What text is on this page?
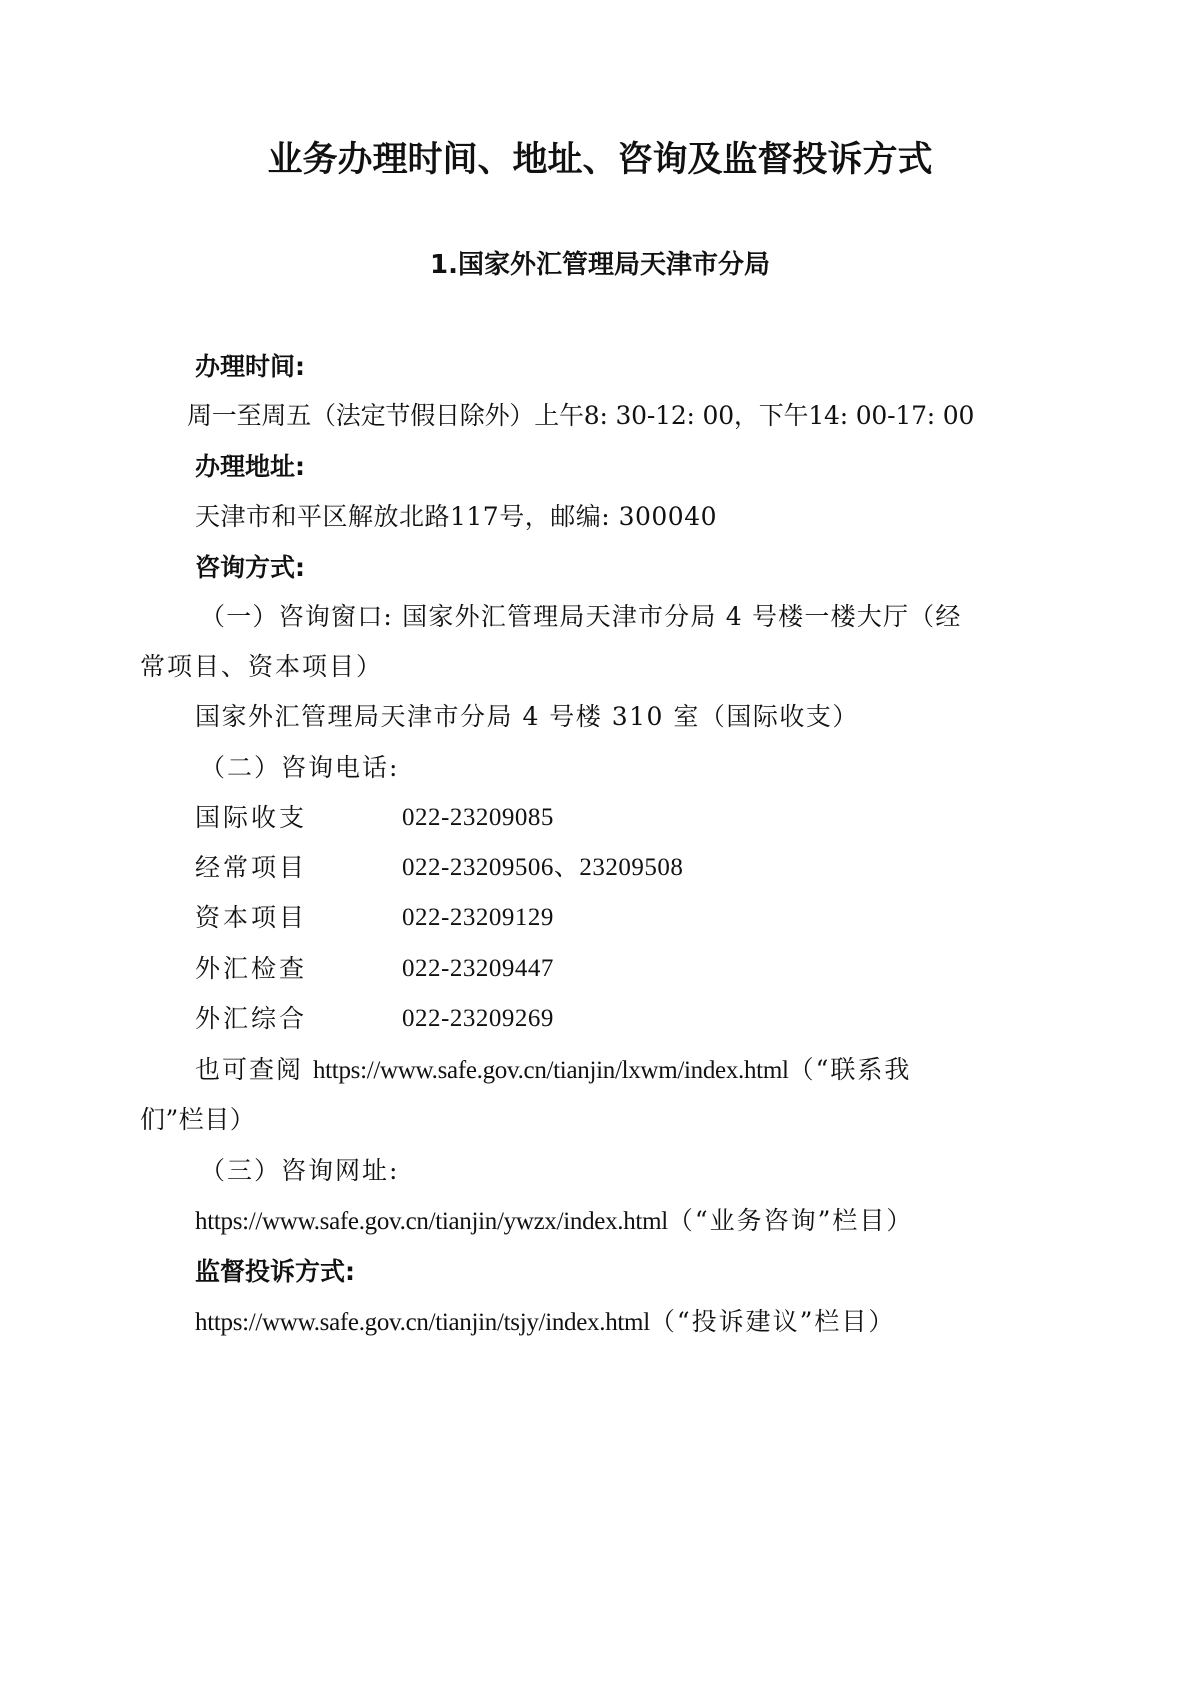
业务办理时间、地址、咨询及监督投诉方式
1.国家外汇管理局天津市分局
办理时间:
周一至周五（法定节假日除外）上午8: 30-12: 00，下午14: 00-17: 00
办理地址:
天津市和平区解放北路117号，邮编: 300040
咨询方式:
（一）咨询窗口: 国家外汇管理局天津市分局 4 号楼一楼大厅（经
常项目、资本项目）
国家外汇管理局天津市分局 4 号楼 310 室（国际收支）
（二）咨询电话:
国际收支	022-23209085
经常项目	022-23209506、23209508
资本项目	022-23209129
外汇检查	022-23209447
外汇综合	022-23209269
也可查阅 https://www.safe.gov.cn/tianjin/lxwm/index.html（“联系我
们”栏目）
（三）咨询网址:
https://www.safe.gov.cn/tianjin/ywzx/index.html（“业务咨询”栏目）
监督投诉方式:
https://www.safe.gov.cn/tianjin/tsjy/index.html（“投诉建议”栏目）
